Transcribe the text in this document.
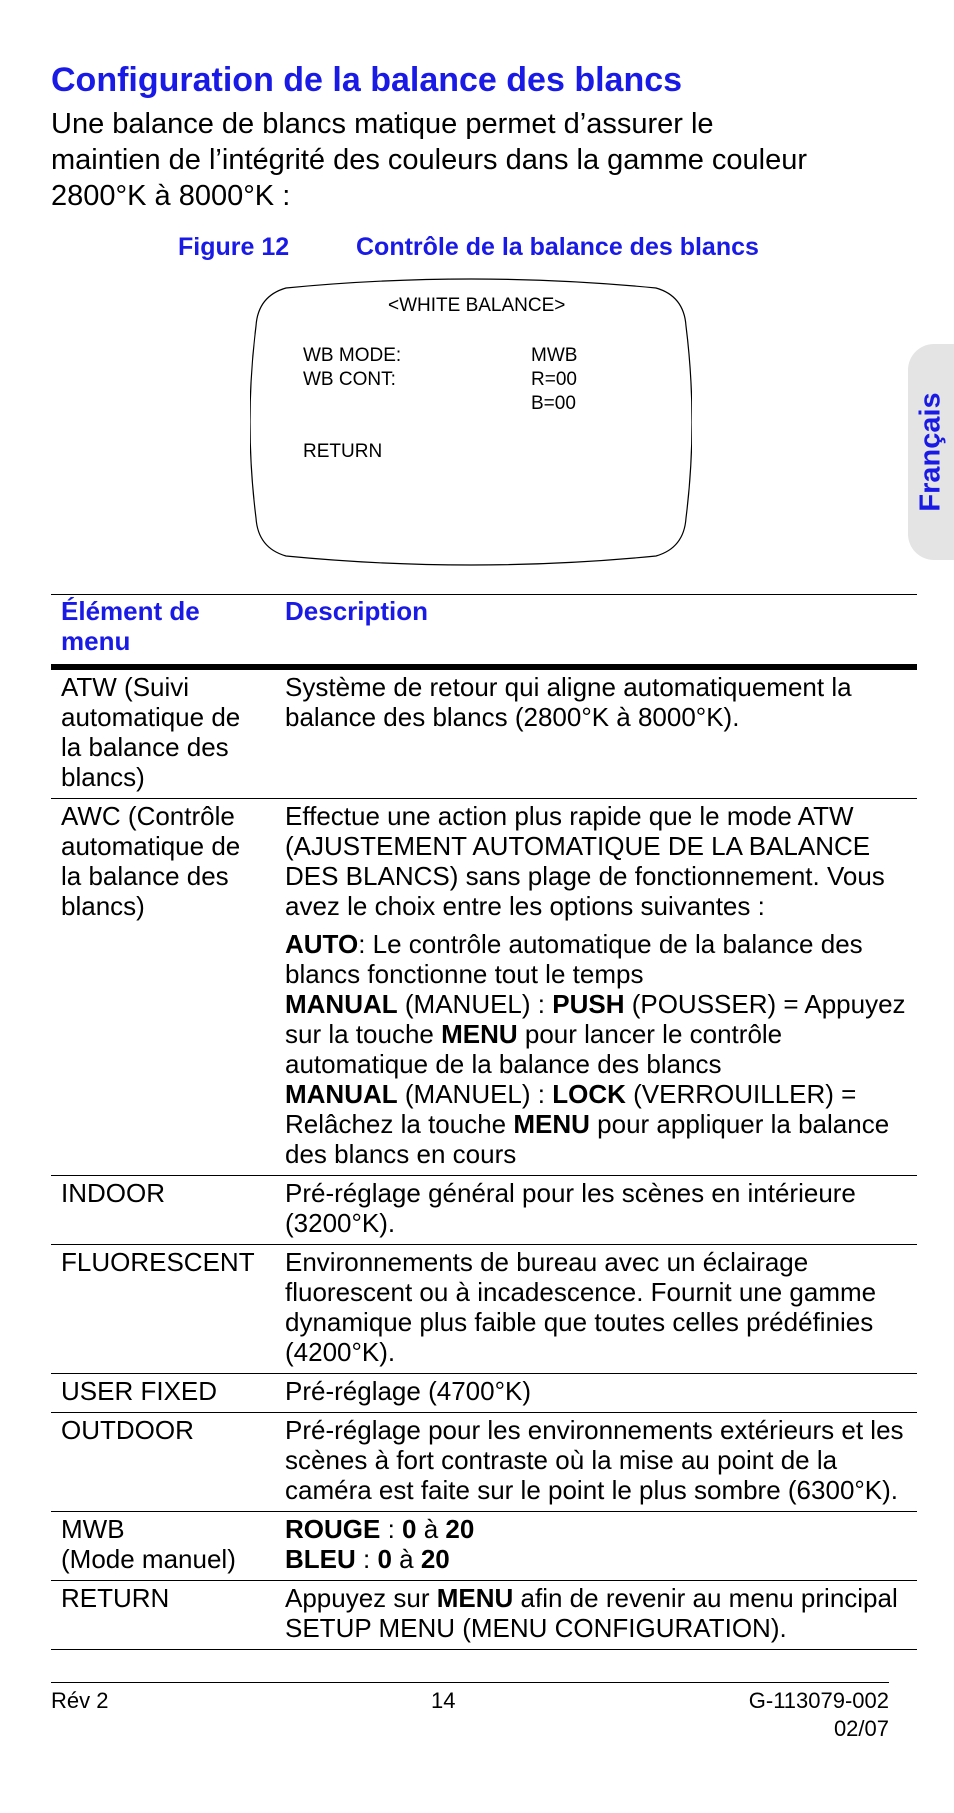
Configuration de la balance des blancs

Une balance de blancs matique permet d’assurer le maintien de l’intégrité des couleurs dans la gamme couleur 2800°K à 8000°K :

Figure 12	Contrôle de la balance des blancs
<WHITE BALANCE>
WB MODE:	MWB
WB CONT:	R=00
B=00
RETURN	Français
Élément de menu	Description
ATW (Suivi automatique de la balance des blancs)	Système de retour qui aligne automatiquement la balance des blancs (2800°K à 8000°K).

AWC (Contrôle automatique de la balance des blancs)	Effectue une action plus rapide que le mode ATW (AJUSTEMENT AUTOMATIQUE DE LA BALANCE DES BLANCS) sans plage de fonctionnement. Vous avez le choix entre les options suivantes :
AUTO: Le contrôle automatique de la balance des blancs fonctionne tout le temps
MANUAL (MANUEL) : PUSH (POUSSER) = Appuyez sur la touche MENU pour lancer le contrôle automatique de la balance des blancs
MANUAL (MANUEL) : LOCK (VERROUILLER) = Relâchez la touche MENU pour appliquer la balance des blancs en cours

INDOOR	Pré-réglage général pour les scènes en intérieure (3200°K).

FLUORESCENT	Environnements de bureau avec un éclairage fluorescent ou à incadescence. Fournit une gamme dynamique plus faible que toutes celles prédéfinies (4200°K).

USER FIXED	Pré-réglage (4700°K)

OUTDOOR	Pré-réglage pour les environnements extérieurs et les scènes à fort contraste où la mise au point de la caméra est faite sur le point le plus sombre (6300°K).

MWB
(Mode manuel)	ROUGE : 0 à 20
BLEU : 0 à 20

RETURN	Appuyez sur MENU afin de revenir au menu principal SETUP MENU (MENU CONFIGURATION).
Rév 2	14	G-113079-002
02/07
